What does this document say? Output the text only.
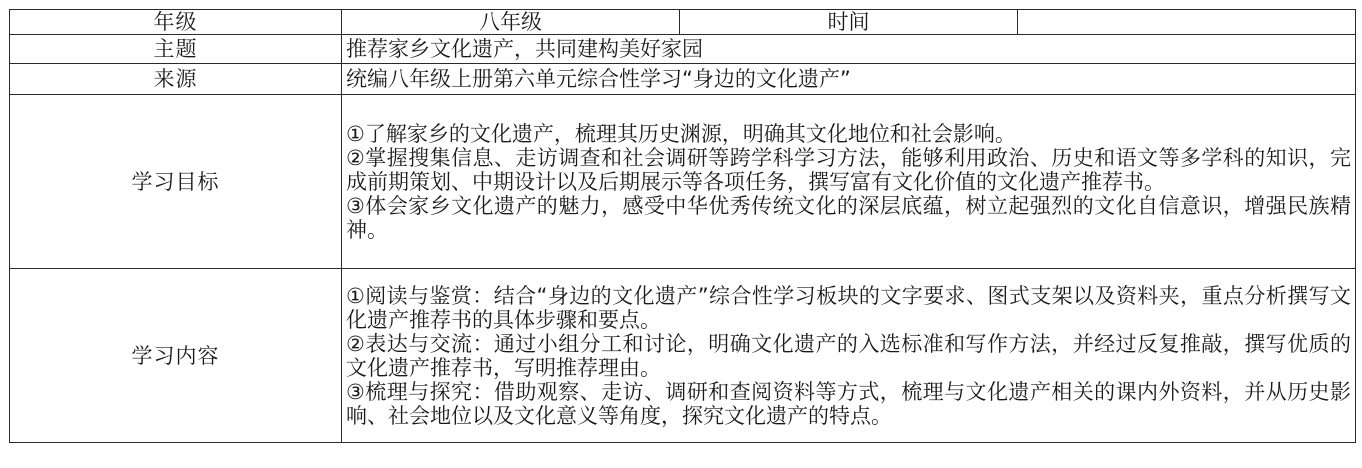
年级	八年级	时间	
主题	推荐家乡文化遗产，共同建构美好家园		
来源	统编八年级上册第六单元综合性学习“身边的文化遗产”		
学习目标	①了解家乡的文化遗产，梳理其历史渊源，明确其文化地位和社会影响。
②掌握搜集信息、走访调查和社会调研等跨学科学习方法，能够利用政治、历史和语文等多学科的知识，完成前期策划、中期设计以及后期展示等各项任务，撰写富有文化价值的文化遗产推荐书。
③体会家乡文化遗产的魅力，感受中华优秀传统文化的深层底蕴，树立起强烈的文化自信意识，增强民族精神。		

学习内容	①阅读与鉴赏：结合“身边的文化遗产”综合性学习板块的文字要求、图式支架以及资料夹，重点分析撰写文化遗产推荐书的具体步骤和要点。
②表达与交流：通过小组分工和讨论，明确文化遗产的入选标准和写作方法，并经过反复推敲，撰写优质的文化遗产推荐书，写明推荐理由。
③梳理与探究：借助观察、走访、调研和查阅资料等方式，梳理与文化遗产相关的课内外资料，并从历史影响、社会地位以及文化意义等角度，探究文化遗产的特点。		
